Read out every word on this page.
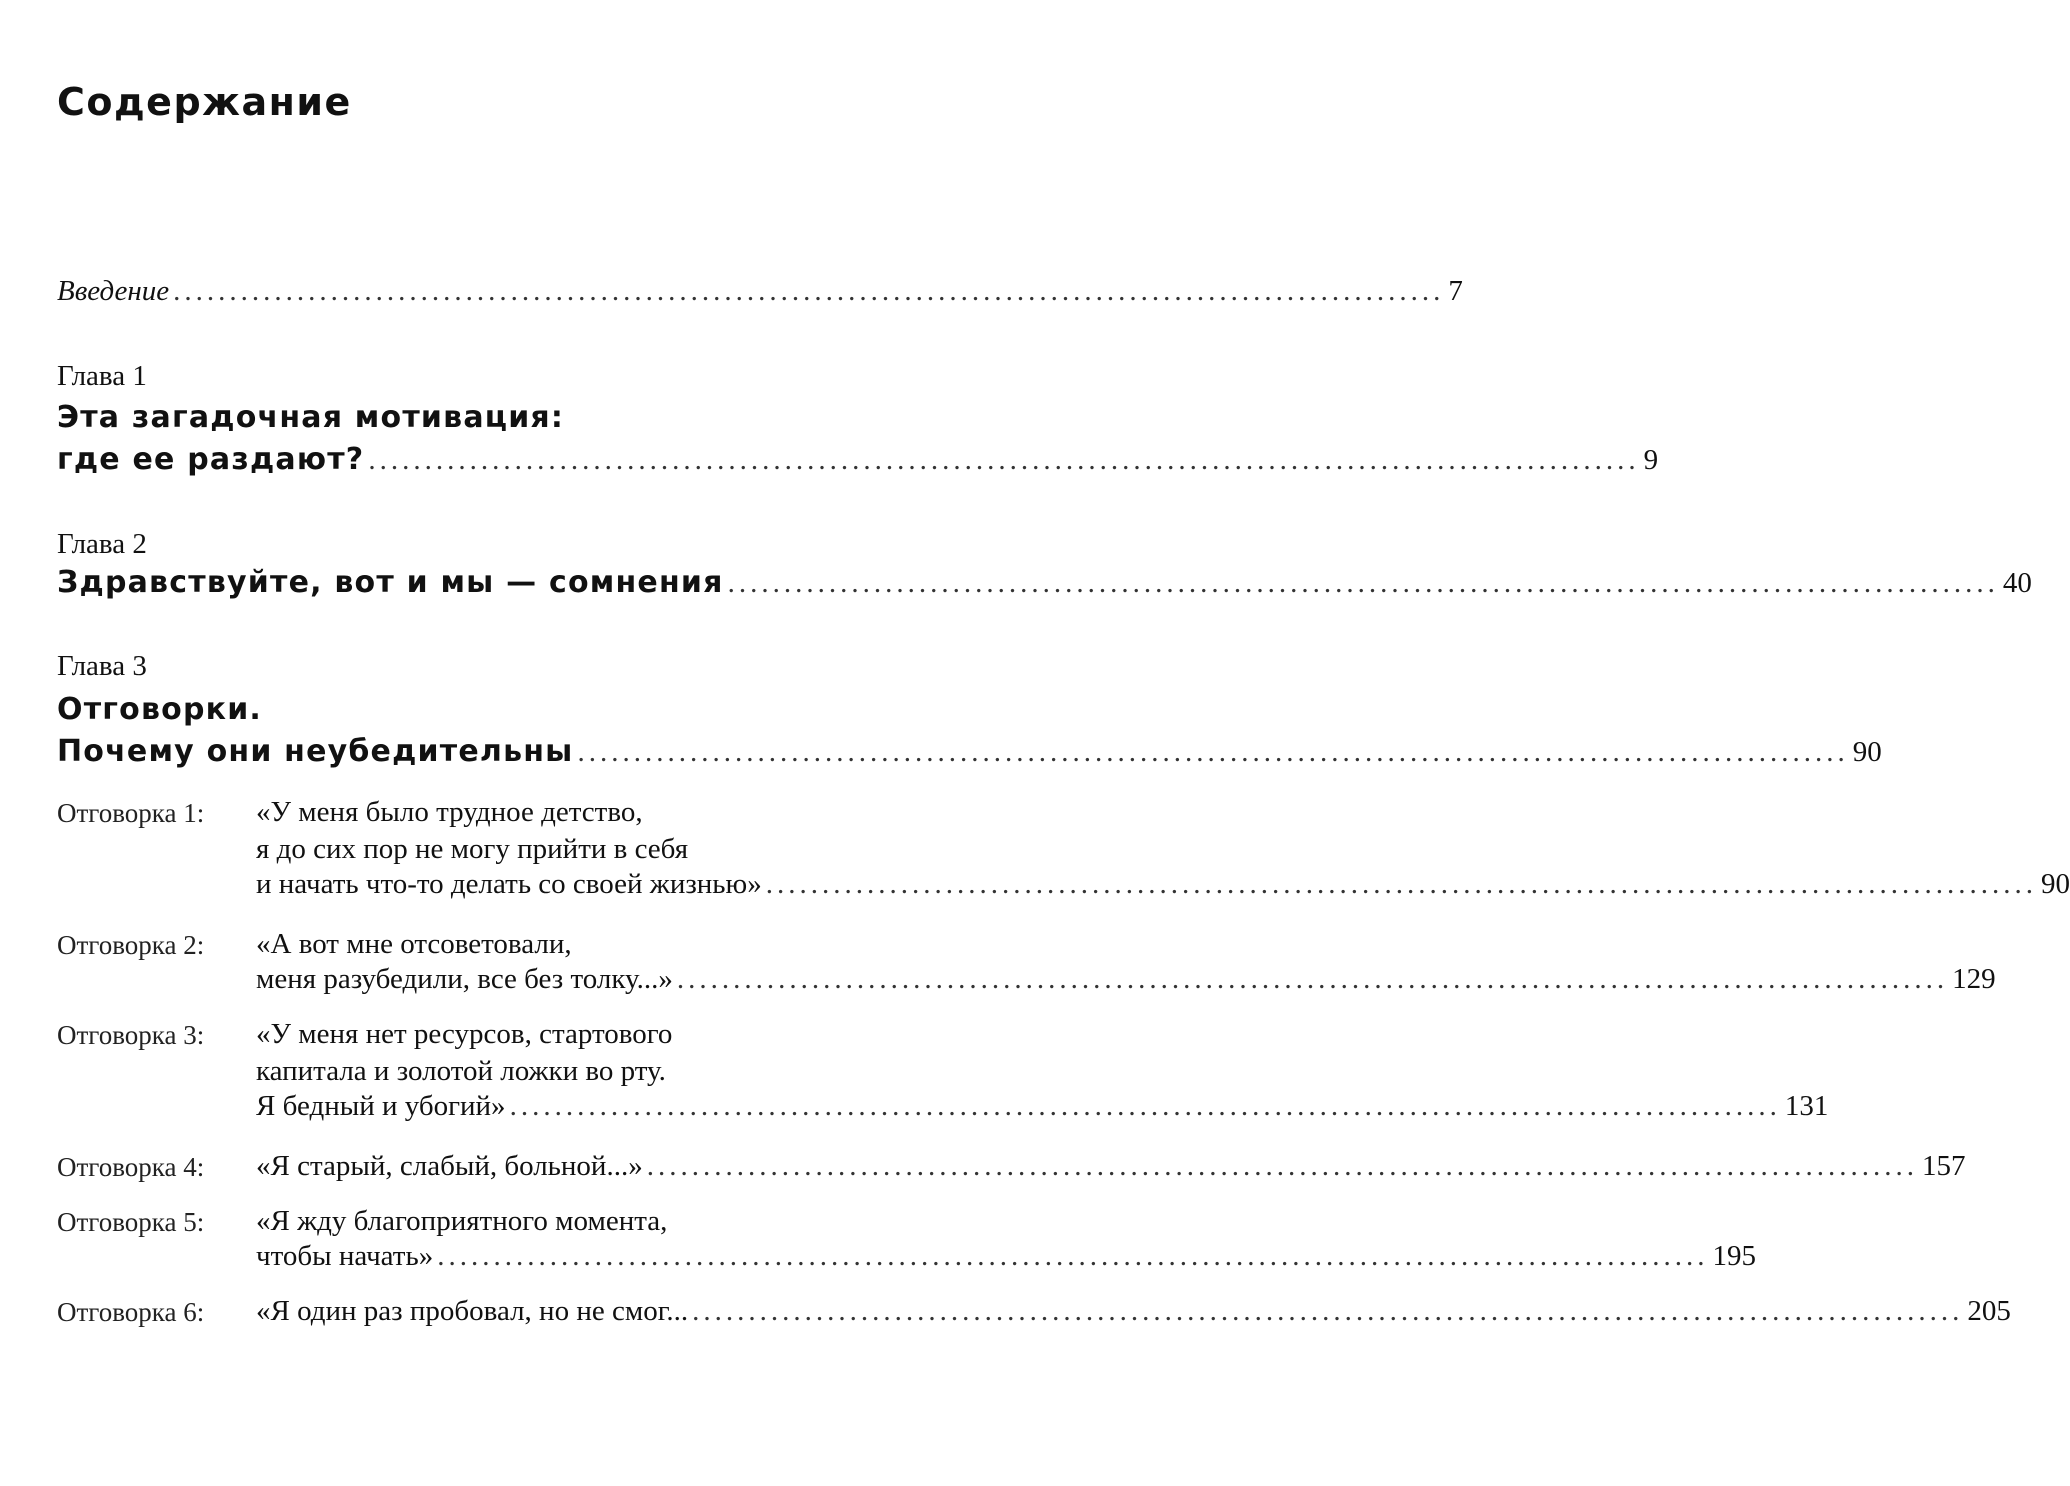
Содержание
Введение ................................................................................................................. 7
Глава 1
Эта загадочная мотивация:
где ее раздают? ................................................................................................................. 9
Глава 2
Здравствуйте, вот и мы — сомнения ................................................................................................................. 40
Глава 3
Отговорки.
Почему они неубедительны ................................................................................................................. 90
Отговорка 1: «У меня было трудное детство,
я до сих пор не могу прийти в себя
и начать что-то делать со своей жизнью» ................................................................................................................. 90
Отговорка 2: «А вот мне отсоветовали,
меня разубедили, все без толку...» ................................................................................................................. 129
Отговорка 3: «У меня нет ресурсов, стартового
капитала и золотой ложки во рту.
Я бедный и убогий» ................................................................................................................. 131
Отговорка 4: «Я старый, слабый, больной...» ................................................................................................................. 157
Отговорка 5: «Я жду благоприятного момента,
чтобы начать» ................................................................................................................. 195
Отговорка 6: «Я один раз пробовал, но не смог... ................................................................................................................. 205
